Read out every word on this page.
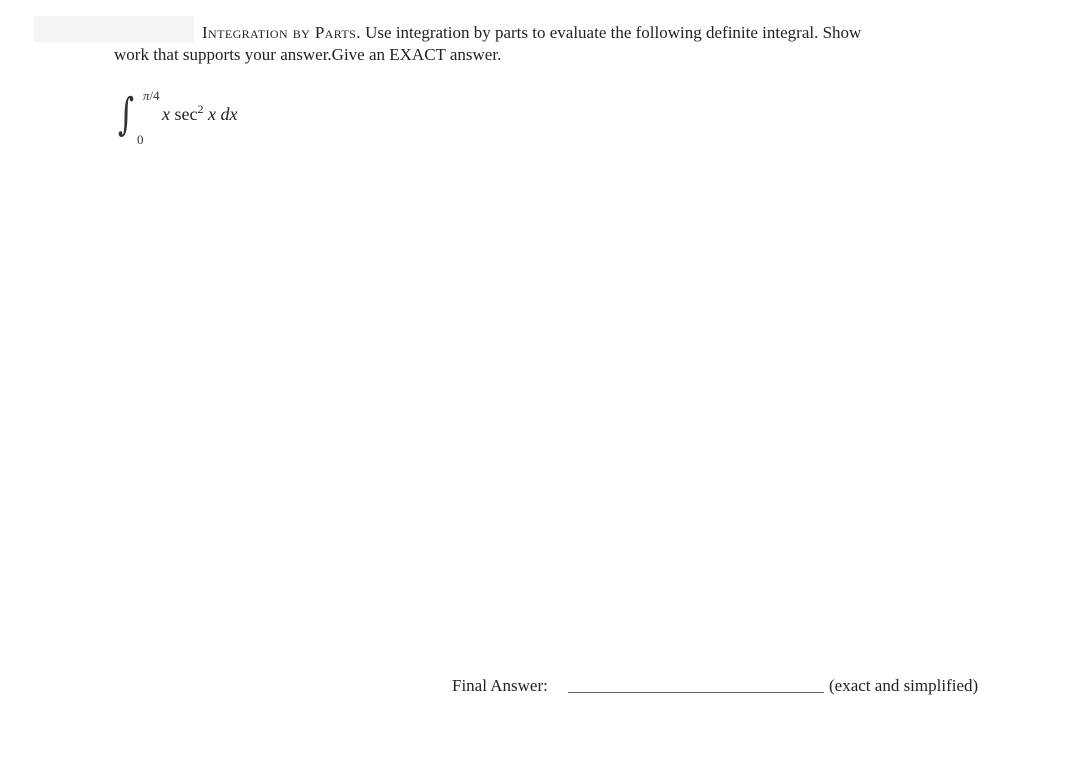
Integration by Parts. Use integration by parts to evaluate the following definite integral. Show
work that supports your answer.Give an EXACT answer.
∫ π/4
0
x $\sec^2 x$ dx
Final Answer:	(exact and simplified)
